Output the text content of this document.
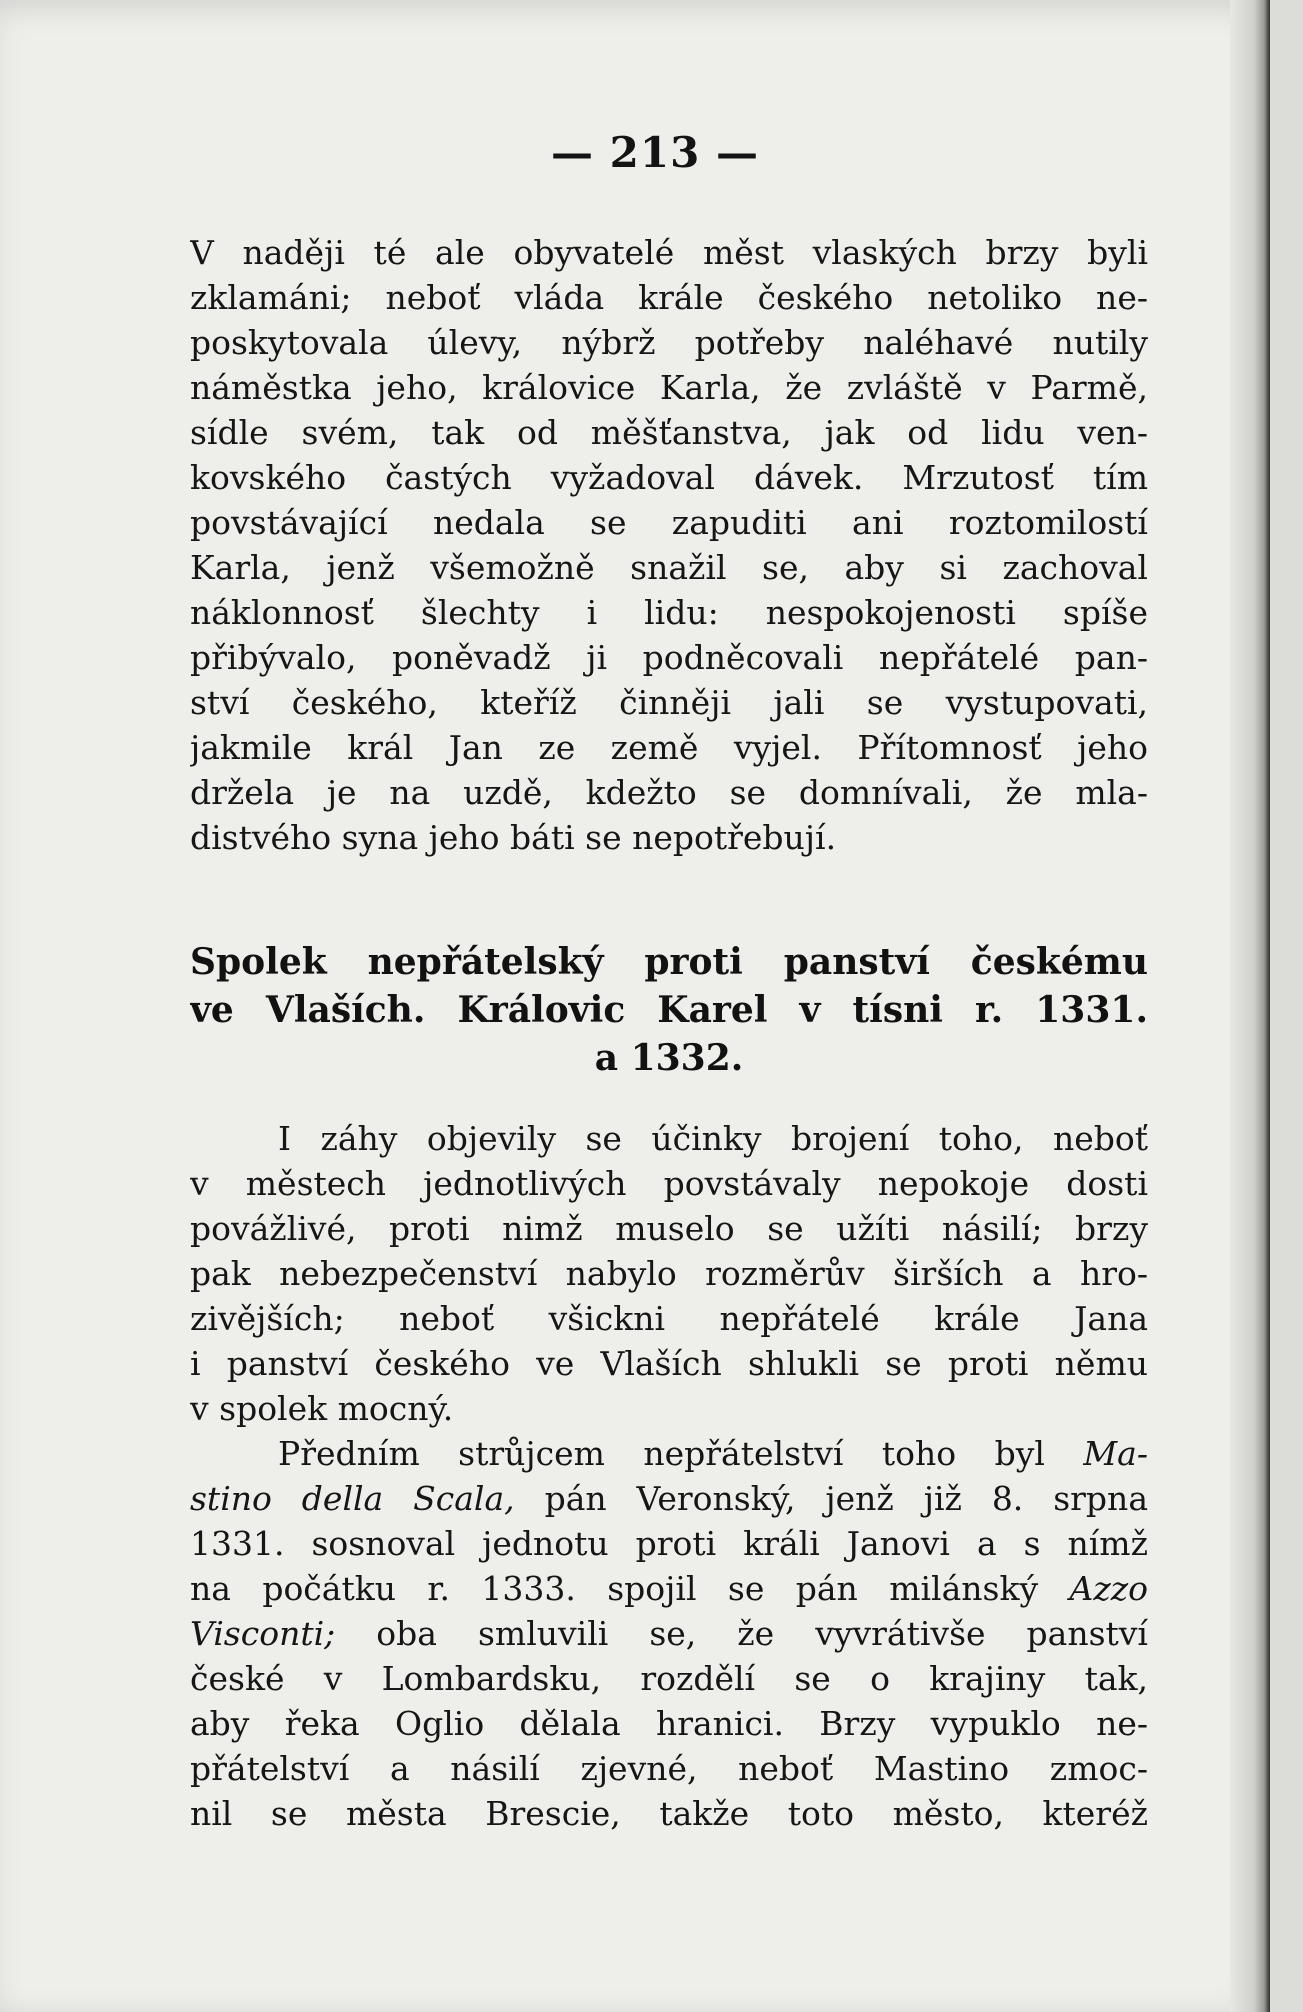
— 213 —
V naději té ale obyvatelé měst vlaských brzy byli
zklamáni; neboť vláda krále českého netoliko ne-
poskytovala úlevy, nýbrž potřeby naléhavé nutily
náměstka jeho, královice Karla, že zvláště v Parmě,
sídle svém, tak od měšťanstva, jak od lidu ven-
kovského častých vyžadoval dávek. Mrzutosť tím
povstávající nedala se zapuditi ani roztomilostí
Karla, jenž všemožně snažil se, aby si zachoval
náklonnosť šlechty i lidu: nespokojenosti spíše
přibývalo, poněvadž ji podněcovali nepřátelé pan-
ství českého, kteříž činněji jali se vystupovati,
jakmile král Jan ze země vyjel. Přítomnosť jeho
držela je na uzdě, kdežto se domnívali, že mla-
distvého syna jeho báti se nepotřebují.
Spolek nepřátelský proti panství českému
ve Vlaších. Královic Karel v tísni r. 1331.
a 1332.
I záhy objevily se účinky brojení toho, neboť
v městech jednotlivých povstávaly nepokoje dosti
povážlivé, proti nimž muselo se užíti násilí; brzy
pak nebezpečenství nabylo rozměrův širších a hro-
zivějších; neboť všickni nepřátelé krále Jana
i panství českého ve Vlaších shlukli se proti němu
v spolek mocný.
Předním strůjcem nepřátelství toho byl Ma-
stino della Scala, pán Veronský, jenž již 8. srpna
1331. sosnoval jednotu proti králi Janovi a s nímž
na počátku r. 1333. spojil se pán milánský Azzo
Visconti; oba smluvili se, že vyvrátivše panství
české v Lombardsku, rozdělí se o krajiny tak,
aby řeka Oglio dělala hranici. Brzy vypuklo ne-
přátelství a násilí zjevné, neboť Mastino zmoc-
nil se města Brescie, takže toto město, kteréž
